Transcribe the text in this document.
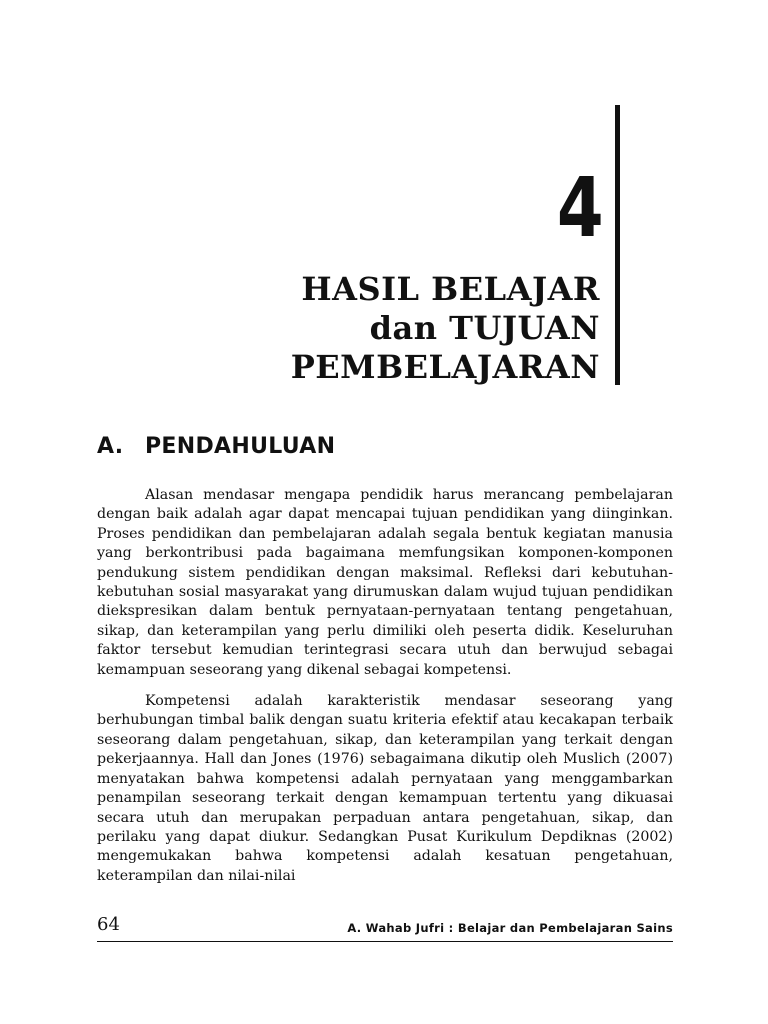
4
HASIL BELAJAR
dan TUJUAN
PEMBELAJARAN
A. PENDAHULUAN

Alasan mendasar mengapa pendidik harus merancang pembelajaran dengan baik adalah agar dapat mencapai tujuan pendidikan yang diinginkan. Proses pendidikan dan pembelajaran adalah segala bentuk kegiatan manusia yang berkontribusi pada bagaimana memfungsikan komponen-komponen pendukung sistem pendidikan dengan maksimal. Refleksi dari kebutuhan-kebutuhan sosial masyarakat yang dirumuskan dalam wujud tujuan pendidikan diekspresikan dalam bentuk pernyataan-pernyataan tentang pengetahuan, sikap, dan keterampilan yang perlu dimiliki oleh peserta didik. Keseluruhan faktor tersebut kemudian terintegrasi secara utuh dan berwujud sebagai kemampuan seseorang yang dikenal sebagai kompetensi.

Kompetensi adalah karakteristik mendasar seseorang yang berhubungan timbal balik dengan suatu kriteria efektif atau kecakapan terbaik seseorang dalam pengetahuan, sikap, dan keterampilan yang terkait dengan pekerjaannya. Hall dan Jones (1976) sebagaimana dikutip oleh Muslich (2007) menyatakan bahwa kompetensi adalah pernyataan yang menggambarkan penampilan seseorang terkait dengan kemampuan tertentu yang dikuasai secara utuh dan merupakan perpaduan antara pengetahuan, sikap, dan perilaku yang dapat diukur. Sedangkan Pusat Kurikulum Depdiknas (2002) mengemukakan bahwa kompetensi adalah kesatuan pengetahuan, keterampilan dan nilai-nilai

64	A. Wahab Jufri : Belajar dan Pembelajaran Sains
